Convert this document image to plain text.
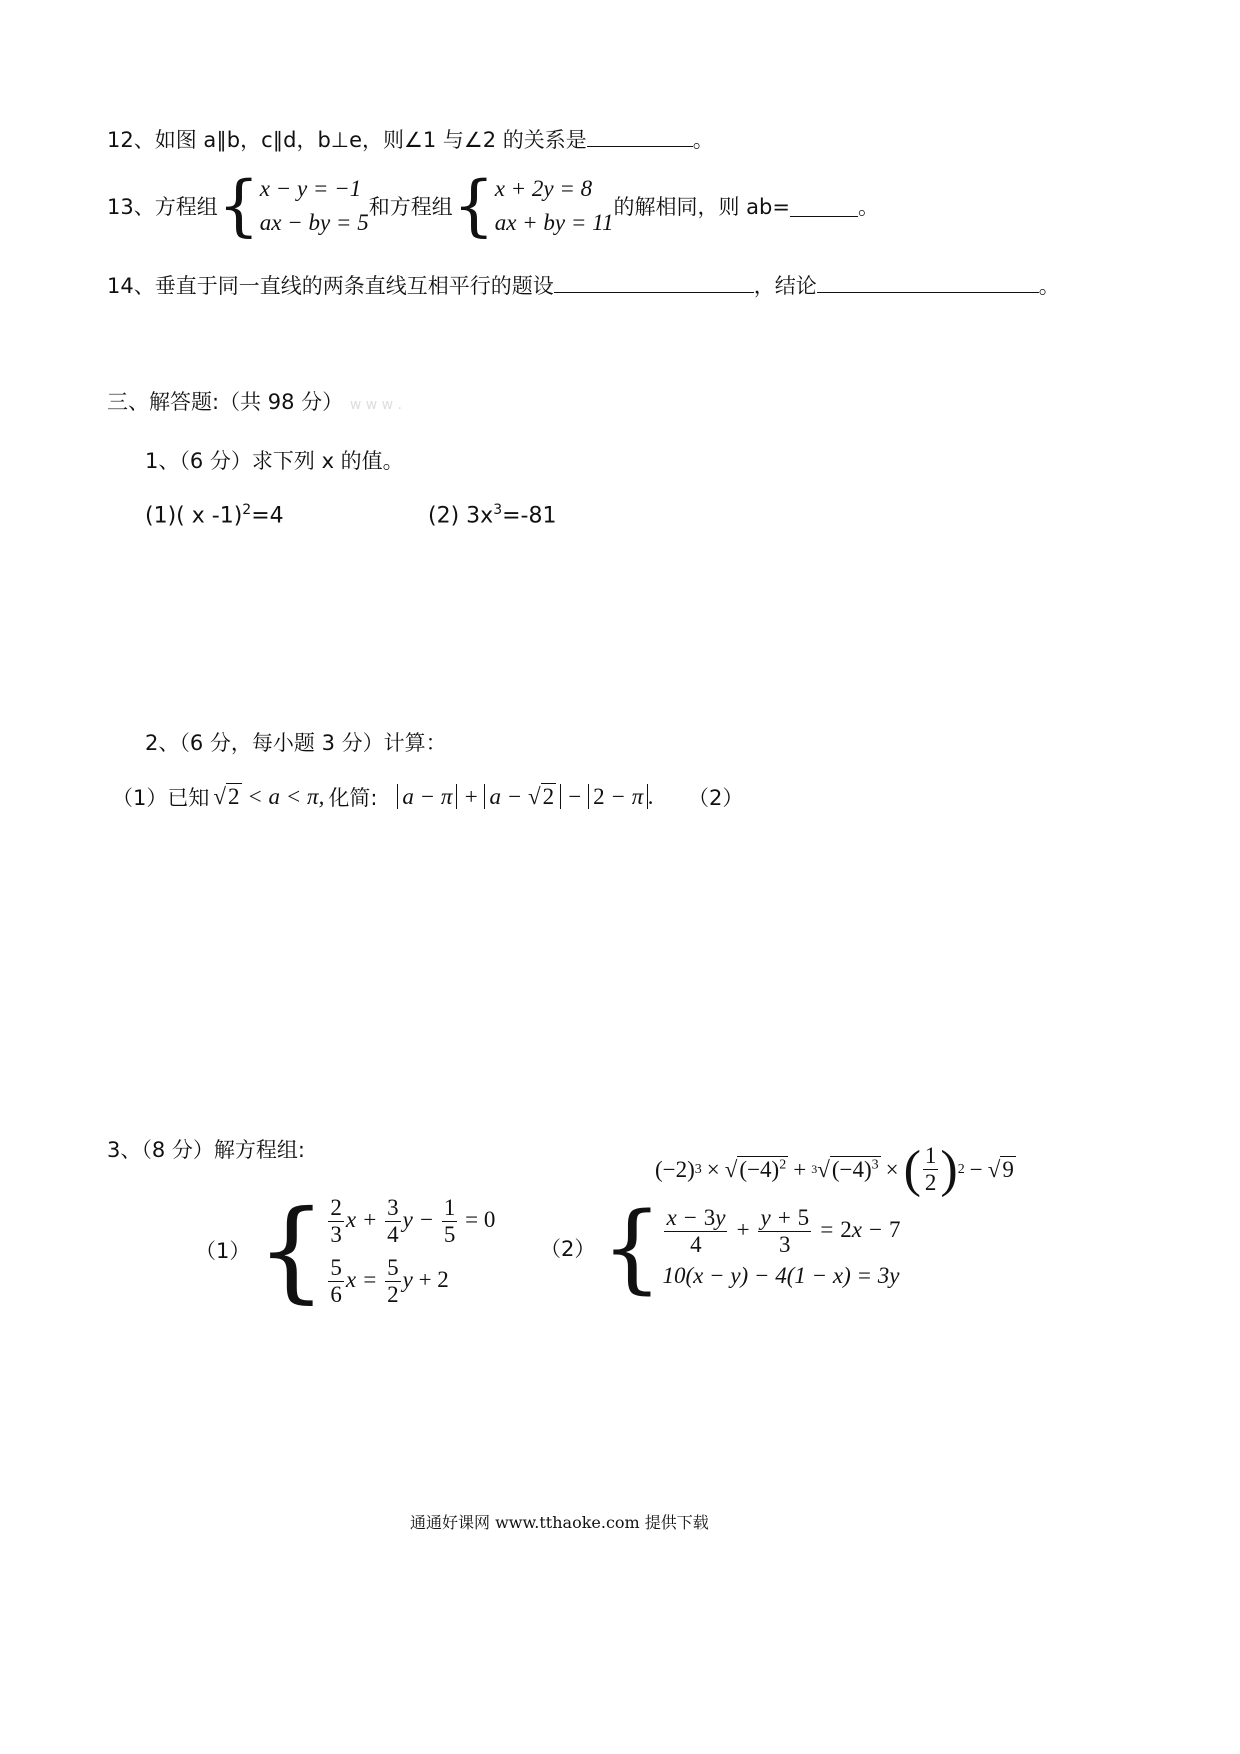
12、如图 a∥b，c∥d，b⊥e，则∠1 与∠2 的关系是	。
13、方程组 { x − y = −1
ax − by = 5
和方程组 { x + 2y = 8
ax + by = 11
的解相同，则 ab=	。
14、垂直于同一直线的两条直线互相平行的题设	，结论	。
三、解答题:（共 98 分） w w w .
1、（6 分）求下列 x 的值。
(1)( x -1)$^2$=4	(2) $3x^3=-81$
2、（6 分，每小题 3 分）计算：
（1）已知 √2 < a < π, 化简: a − π + a − √2 − 2 − π . （2）
(−2) 3 × √ $(-4)^2 + 3$ √ $(-4)^3$ × ( $\frac{1}{2}$ ) 2 − √ 9
3、（8 分）解方程组:
（1） { $\frac{2}{3}$ $x + \frac{3}{4}$ $y - \frac{1}{5} = 0$
$\frac{5}{6}$ $x = \frac{5}{2}$ y + 2
（2） { $\frac{x - 3y}{4} + \frac{y + 5}{3} = 2x - 7$
10(x − y) − 4(1 − x) = 3y
通通好课网 www.tthaoke.com 提供下载
